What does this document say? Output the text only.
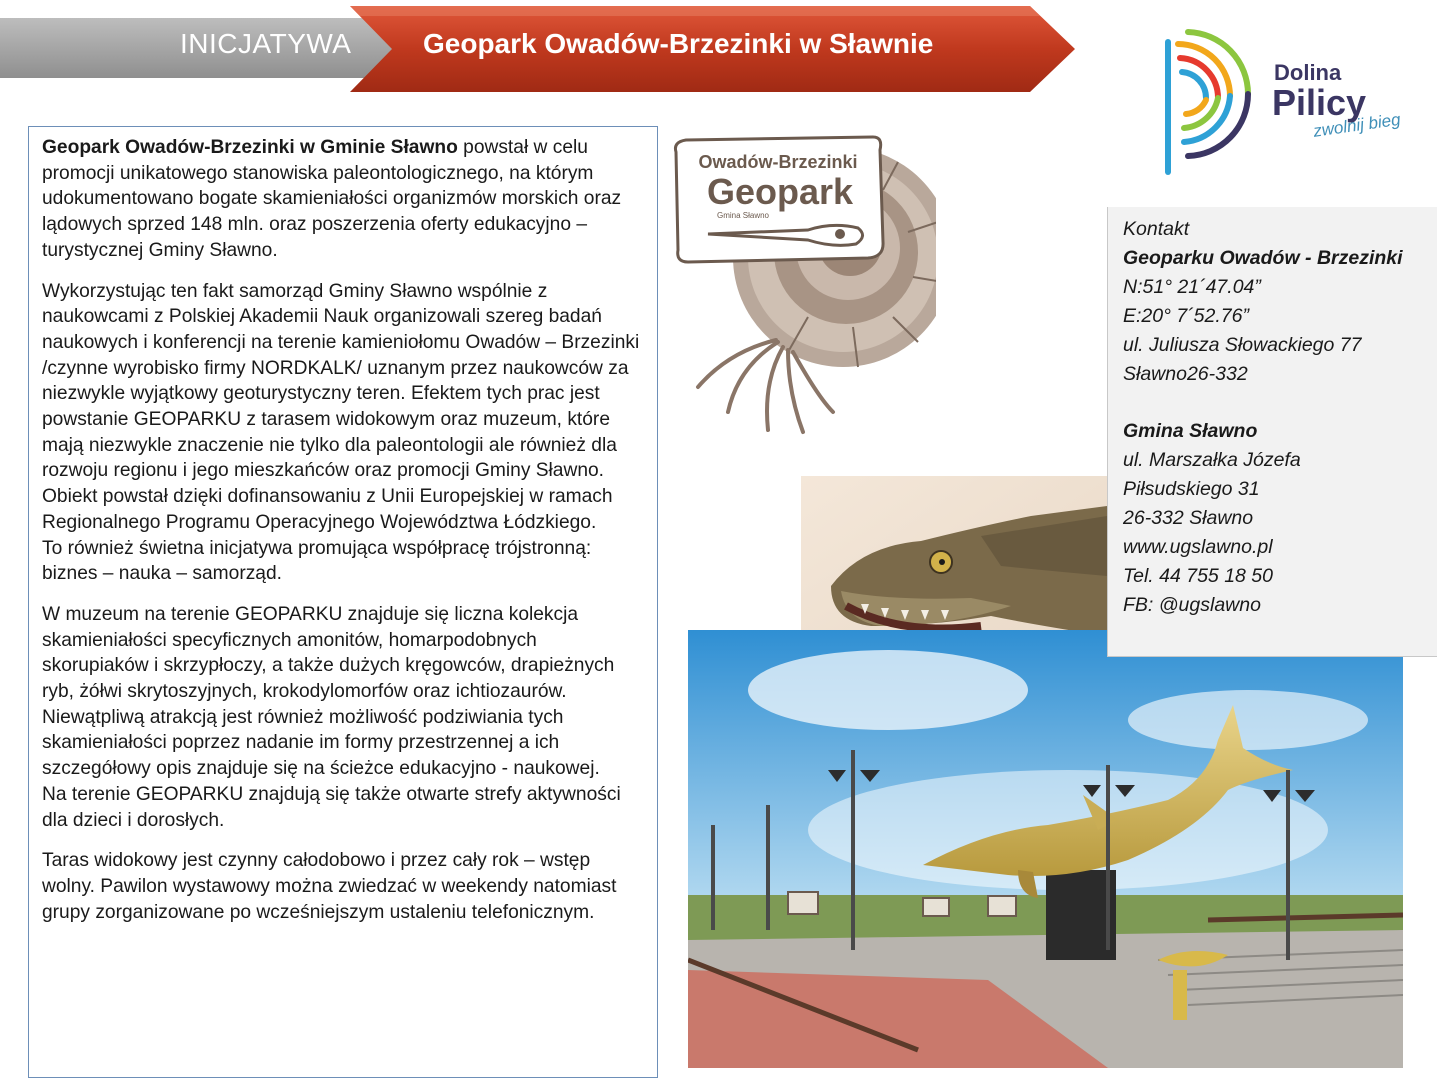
INICJATYWA	Geopark Owadów-Brzezinki w Sławnie
Dolina
Pilicy
zwolnij bieg

Geopark Owadów-Brzezinki w Gminie Sławno powstał w celu promocji unikatowego stanowiska paleontologicznego, na którym udokumentowano bogate skamieniałości organizmów morskich oraz lądowych sprzed 148 mln. oraz poszerzenia oferty edukacyjno – turystycznej Gminy Sławno.

Wykorzystując ten fakt samorząd Gminy Sławno wspólnie z naukowcami z Polskiej Akademii Nauk organizowali szereg badań naukowych i konferencji na terenie kamieniołomu Owadów – Brzezinki /czynne wyrobisko firmy NORDKALK/ uznanym przez naukowców za niezwykle wyjątkowy geoturystyczny teren. Efektem tych prac jest powstanie GEOPARKU z tarasem widokowym oraz muzeum, które mają niezwykle znaczenie nie tylko dla paleontologii ale również dla rozwoju regionu i jego mieszkańców oraz promocji Gminy Sławno. Obiekt powstał dzięki dofinansowaniu z Unii Europejskiej w ramach Regionalnego Programu Operacyjnego Województwa Łódzkiego.

To również świetna inicjatywa promująca współpracę trójstronną: biznes – nauka – samorząd.

W muzeum na terenie GEOPARKU znajduje się liczna kolekcja skamieniałości specyficznych amonitów, homarpodobnych skorupiaków i skrzypłoczy, a także dużych kręgowców, drapieżnych ryb, żółwi skrytoszyjnych, krokodylomorfów oraz ichtiozaurów. Niewątpliwą atrakcją jest również możliwość podziwiania tych skamieniałości poprzez nadanie im formy przestrzennej a ich szczegółowy opis znajduje się na ścieżce edukacyjno - naukowej.

Na terenie GEOPARKU znajdują się także otwarte strefy aktywności dla dzieci i dorosłych.

Taras widokowy jest czynny całodobowo i przez cały rok – wstęp wolny. Pawilon wystawowy można zwiedzać w weekendy natomiast grupy zorganizowane po wcześniejszym ustaleniu telefonicznym.

Owadów-Brzezinki
Geopark
Gmina Sławno
Kontakt
Geoparku Owadów - Brzezinki
N:51° 21´47.04”
E:20° 7´52.76”
ul. Juliusza Słowackiego 77
Sławno26-332
Gmina Sławno
ul. Marszałka Józefa
Piłsudskiego 31
26-332 Sławno
www.ugslawno.pl
Tel. 44 755 18 50
FB: @ugslawno
